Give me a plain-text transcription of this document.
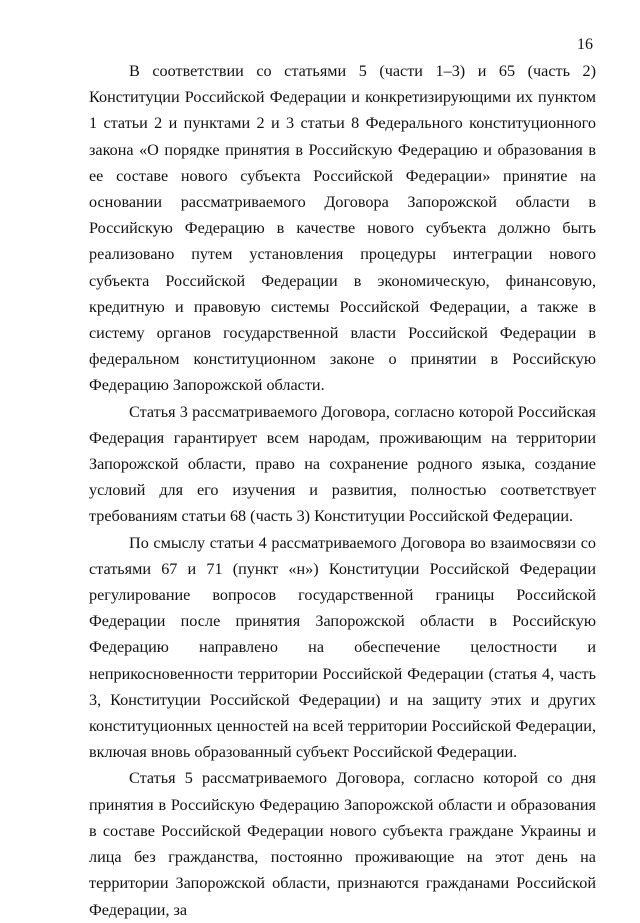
16

В соответствии со статьями 5 (части 1–3) и 65 (часть 2) Конституции Российской Федерации и конкретизирующими их пунктом 1 статьи 2 и пунктами 2 и 3 статьи 8 Федерального конституционного закона «О порядке принятия в Российскую Федерацию и образования в ее составе нового субъекта Российской Федерации» принятие на основании рассматриваемого Договора Запорожской области в Российскую Федерацию в качестве нового субъекта должно быть реализовано путем установления процедуры интеграции нового субъекта Российской Федерации в экономическую, финансовую, кредитную и правовую системы Российской Федерации, а также в систему органов государственной власти Российской Федерации в федеральном конституционном законе о принятии в Российскую Федерацию Запорожской области.

Статья 3 рассматриваемого Договора, согласно которой Российская Федерация гарантирует всем народам, проживающим на территории Запорожской области, право на сохранение родного языка, создание условий для его изучения и развития, полностью соответствует требованиям статьи 68 (часть 3) Конституции Российской Федерации.

По смыслу статьи 4 рассматриваемого Договора во взаимосвязи со статьями 67 и 71 (пункт «н») Конституции Российской Федерации регулирование вопросов государственной границы Российской Федерации после принятия Запорожской области в Российскую Федерацию направлено на обеспечение целостности и неприкосновенности территории Российской Федерации (статья 4, часть 3, Конституции Российской Федерации) и на защиту этих и других конституционных ценностей на всей территории Российской Федерации, включая вновь образованный субъект Российской Федерации.

Статья 5 рассматриваемого Договора, согласно которой со дня принятия в Российскую Федерацию Запорожской области и образования в составе Российской Федерации нового субъекта граждане Украины и лица без гражданства, постоянно проживающие на этот день на территории Запорожской области, признаются гражданами Российской Федерации, за
